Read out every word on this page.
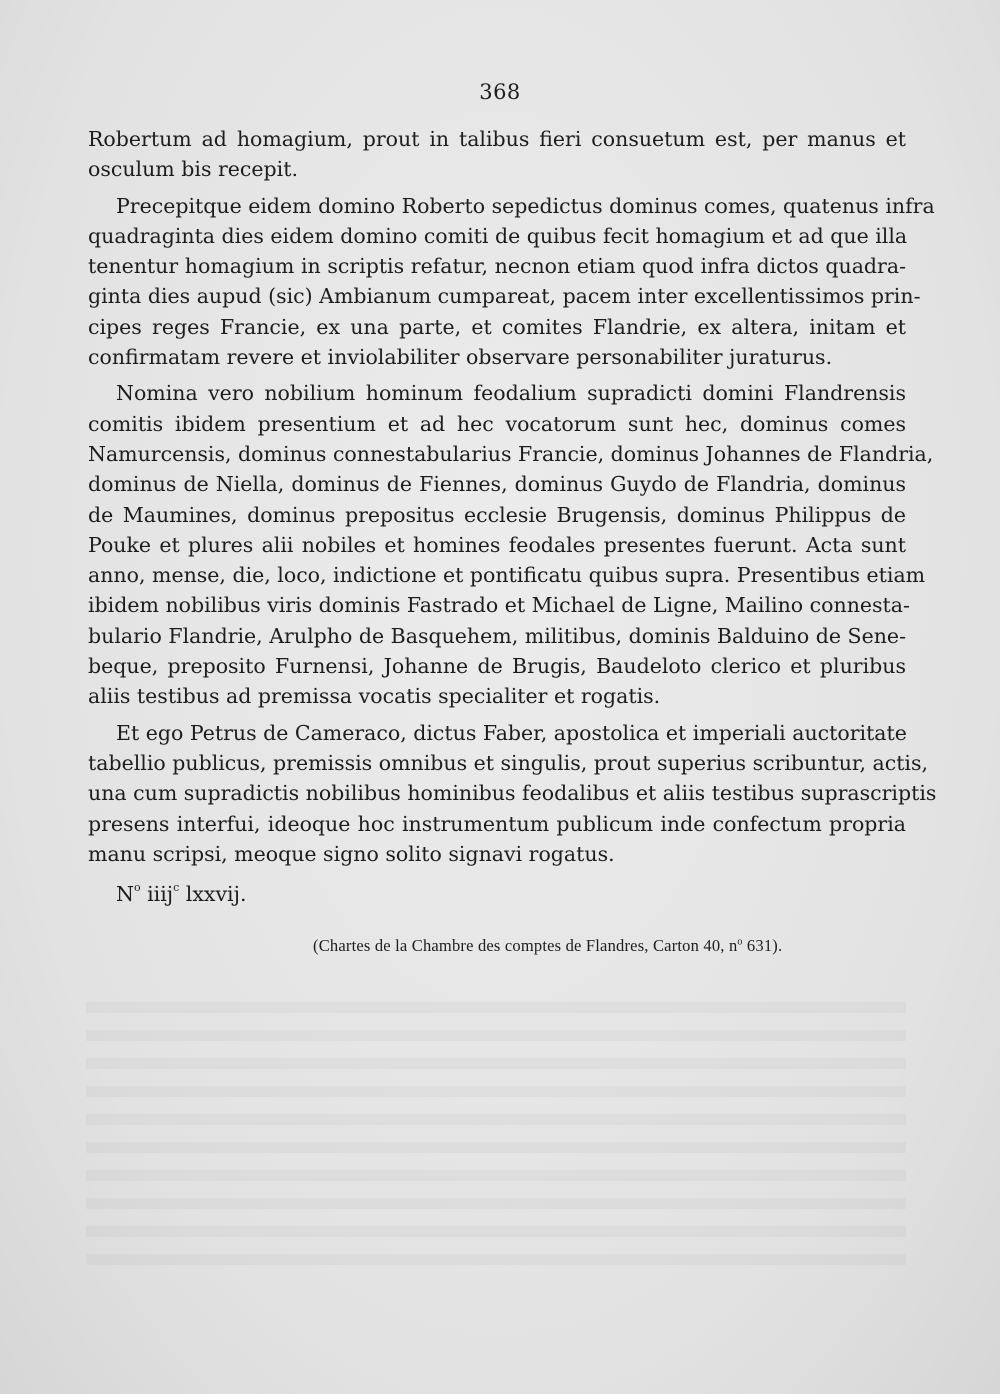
368
Robertum ad homagium, prout in talibus fieri consuetum est, per manus et
osculum bis recepit.
Precepitque eidem domino Roberto sepedictus dominus comes, quatenus infra
quadraginta dies eidem domino comiti de quibus fecit homagium et ad que illa
tenentur homagium in scriptis refatur, necnon etiam quod infra dictos quadra-
ginta dies aupud (sic) Ambianum cumpareat, pacem inter excellentissimos prin-
cipes reges Francie, ex una parte, et comites Flandrie, ex altera, initam et
confirmatam revere et inviolabiliter observare personabiliter juraturus.
Nomina vero nobilium hominum feodalium supradicti domini Flandrensis
comitis ibidem presentium et ad hec vocatorum sunt hec, dominus comes
Namurcensis, dominus connestabularius Francie, dominus Johannes de Flandria,
dominus de Niella, dominus de Fiennes, dominus Guydo de Flandria, dominus
de Maumines, dominus prepositus ecclesie Brugensis, dominus Philippus de
Pouke et plures alii nobiles et homines feodales presentes fuerunt. Acta sunt
anno, mense, die, loco, indictione et pontificatu quibus supra. Presentibus etiam
ibidem nobilibus viris dominis Fastrado et Michael de Ligne, Mailino connesta-
bulario Flandrie, Arulpho de Basquehem, militibus, dominis Balduino de Sene-
beque, preposito Furnensi, Johanne de Brugis, Baudeloto clerico et pluribus
aliis testibus ad premissa vocatis specialiter et rogatis.
Et ego Petrus de Cameraco, dictus Faber, apostolica et imperiali auctoritate
tabellio publicus, premissis omnibus et singulis, prout superius scribuntur, actis,
una cum supradictis nobilibus hominibus feodalibus et aliis testibus suprascriptis
presens interfui, ideoque hoc instrumentum publicum inde confectum propria
manu scripsi, meoque signo solito signavi rogatus.
$N^o$ iiij$^c$ lxxvij.
(Chartes de la Chambre des comptes de Flandres, Carton 40, $n^o$ 631).
